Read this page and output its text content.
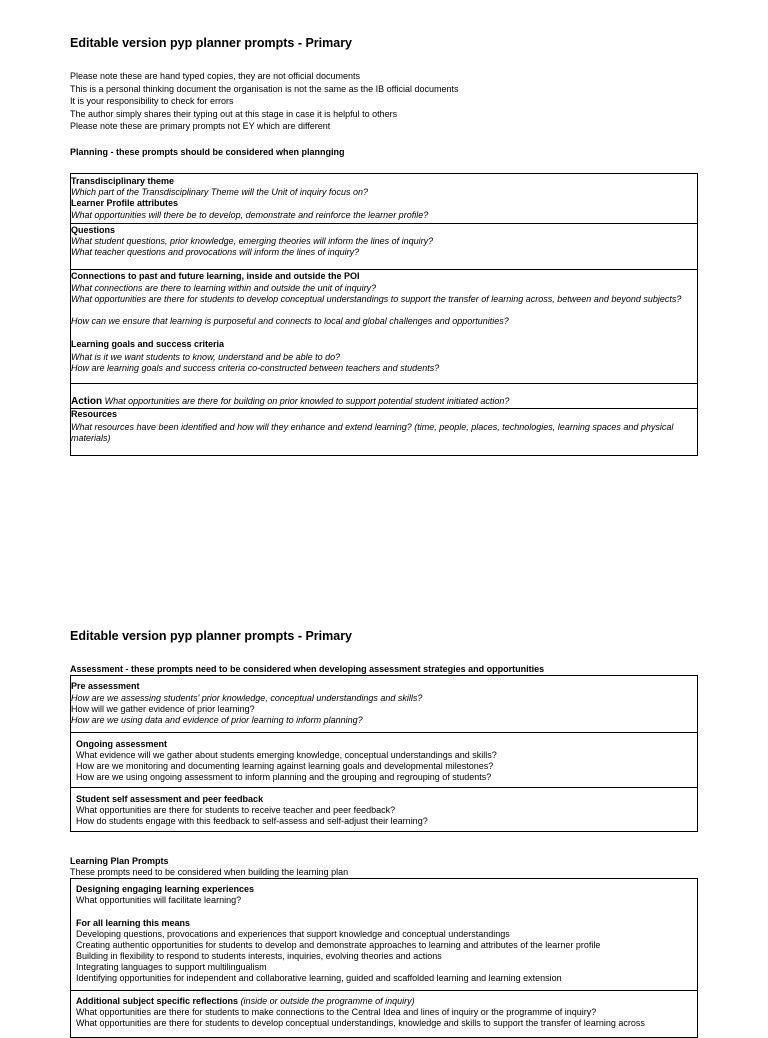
Editable version pyp planner prompts - Primary
Please note these are hand typed copies, they are not official documents
This is a personal thinking document the organisation is not the same as the IB official documents
It is your responsibility to check for errors
The author simply shares their typing out at this stage in case it is helpful to others
Please note these are primary prompts not EY which are different
Planning - these prompts should be considered when plannging
Transdisciplinary theme
Which part of the Transdisciplinary Theme will the Unit of inquiry focus on?
Learner Profile attributes
What opportunities will there be to develop, demonstrate and reinforce the learner profile?
Questions
What student questions, prior knowledge, emerging theories will inform the lines of inquiry?
What teacher questions and provocations will inform the lines of inquiry?
Connections to past and future learning, inside and outside the POI
What connections are there to learning within and outside the unit of inquiry?
What opportunities are there for students to develop conceptual understandings to support the transfer of learning across, between and beyond subjects?
How can we ensure that learning is purposeful and connects to local and global challenges and opportunities?
Learning goals and success criteria
What is it we want students to know, understand and be able to do?
How are learning goals and success criteria co-constructed between teachers and students?
Action What opportunities are there for building on prior knowled to support potential student initiated action?
Resources
What resources have been identified and how will they enhance and extend learning? (time, people, places, technologies, learning spaces and physical materials)
Editable version pyp planner prompts - Primary
Assessment - these prompts need to be considered when developing assessment strategies and opportunities
Pre assessment
How are we assessing students' prior knowledge, conceptual understandings and skills?
How will we gather evidence of prior learning?
How are we using data and evidence of prior learning to inform planning?
Ongoing assessment
What evidence will we gather about students emerging knowledge, conceptual understandings and skills?
How are we monitoring and documenting learning against learning goals and developmental milestones?
How are we using ongoing assessment to inform planning and the grouping and regrouping of students?
Student self assessment and peer feedback
What opportunities are there for students to receive teacher and peer feedback?
How do students engage with this feedback to self-assess and self-adjust their learning?
Learning Plan Prompts
These prompts need to be considered when building the learning plan
Designing engaging learning experiences
What opportunities will facilitate learning?
For all learning this means
Developing questions, provocations and experiences that support knowledge and conceptual understandings
Creating authentic opportunities for students to develop and demonstrate approaches to learning and attributes of the learner profile
Building in flexibility to respond to students interests, inquiries, evolving theories and actions
Integrating languages to support multilingualism
Identifying opportunities for independent and collaborative learning, guided and scaffolded learning and learning extension
Additional subject specific reflections (inside or outside the programme of inquiry)
What opportunities are there for students to make connections to the Central Idea and lines of inquiry or the programme of inquiry?
What opportunities are there for students to develop conceptual understandings, knowledge and skills to support the transfer of learning across
